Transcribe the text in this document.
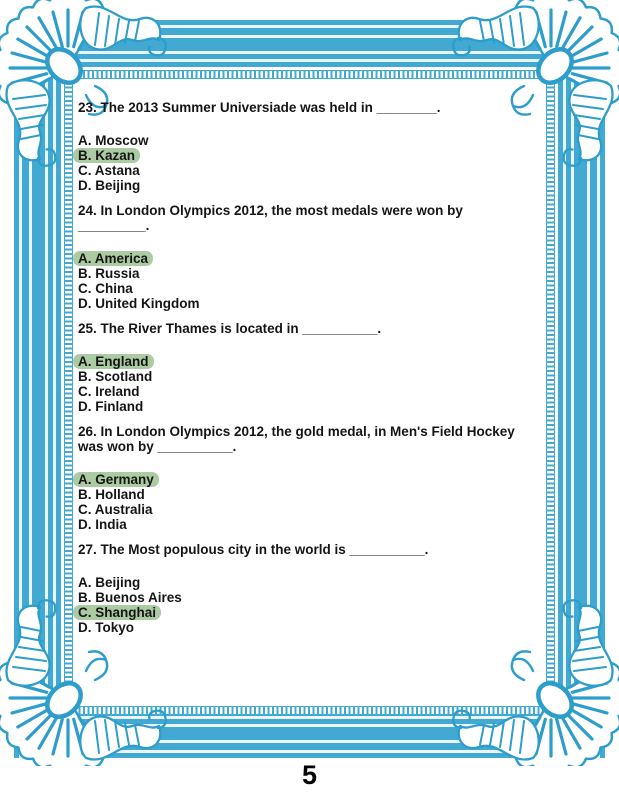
23. The 2013 Summer Universiade was held in ________.
A. Moscow
B. Kazan
C. Astana
D. Beijing
24. In London Olympics 2012, the most medals were won by
_________.
A. America
B. Russia
C. China
D. United Kingdom
25. The River Thames is located in __________.
A. England
B. Scotland
C. Ireland
D. Finland
26. In London Olympics 2012, the gold medal, in Men's Field Hockey
was won by __________.
A. Germany
B. Holland
C. Australia
D. India
27. The Most populous city in the world is __________.
A. Beijing
B. Buenos Aires
C. Shanghai
D. Tokyo
5
